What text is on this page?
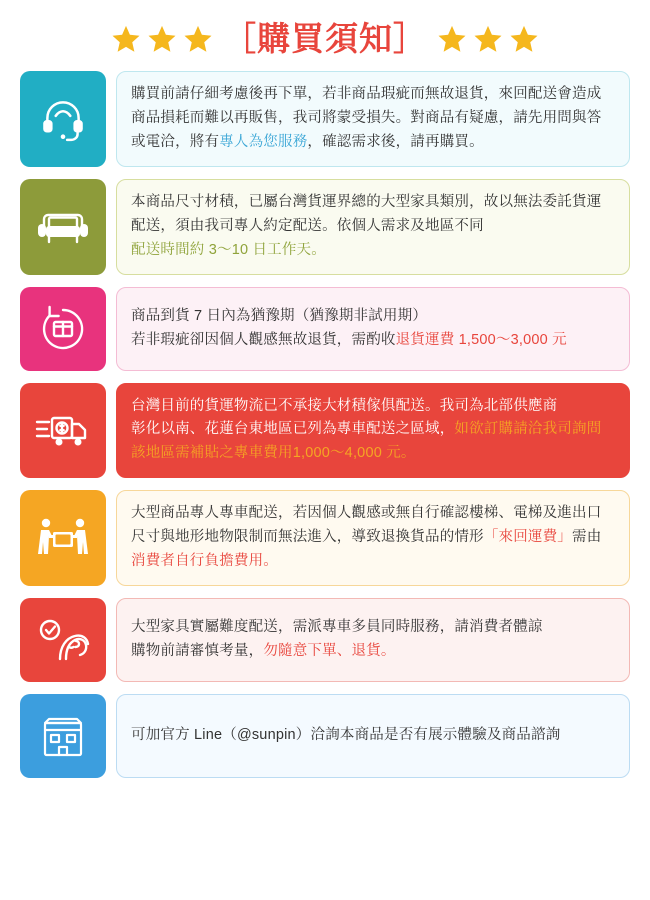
［購買須知］

購買前請仔細考慮後再下單，若非商品瑕疵而無故退貨，來回配送會造成

商品損耗而難以再販售，我司將蒙受損失。對商品有疑慮，請先用問與答

或電洽，將有專人為您服務，確認需求後，請再購買。

本商品尺寸材積，已屬台灣貨運界總的大型家具類別，故以無法委託貨運

配送，須由我司專人約定配送。依個人需求及地區不同

配送時間約 3～10 日工作天。

商品到貨 7 日內為猶豫期（猶豫期非試用期）

若非瑕疵卻因個人觀感無故退貨，需酌收退貨運費 1,500～3,000 元

台灣目前的貨運物流已不承接大材積傢俱配送。我司為北部供應商

彰化以南、花蓮台東地區已列為專車配送之區域，如欲訂購請洽我司詢問

該地區需補貼之專車費用1,000～4,000 元。

大型商品專人專車配送，若因個人觀感或無自行確認樓梯、電梯及進出口

尺寸與地形地物限制而無法進入，導致退換貨品的情形「來回運費」需由

消費者自行負擔費用。

大型家具實屬難度配送，需派專車多員同時服務，請消費者體諒

購物前請審慎考量，勿隨意下單、退貨。

可加官方 Line（@sunpin）洽詢本商品是否有展示體驗及商品諮詢
